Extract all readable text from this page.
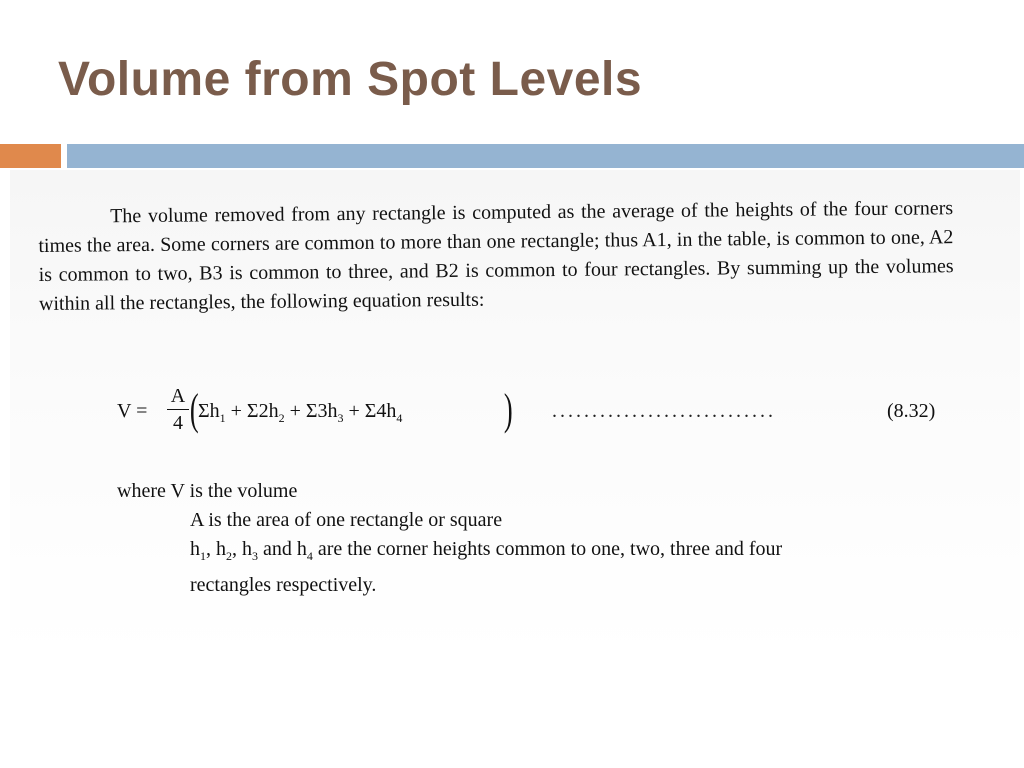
Volume from Spot Levels
The volume removed from any rectangle is computed as the average of the heights of the four corners times the area. Some corners are common to more than one rectangle; thus A1, in the table, is common to one, A2 is common to two, B3 is common to three, and B2 is common to four rectangles. By summing up the volumes within all the rectangles, the following equation results:
V =
A
4 ( $\Sigma h_1 + \Sigma 2h_2 + \Sigma 3h_3 + \Sigma 4h_4$ ) ............................	(8.32)
where V is the volume
A is the area of one rectangle or square
$h_1$, $h_2$, $h_3$ and $h_4$ are the corner heights common to one, two, three and four
rectangles respectively.
